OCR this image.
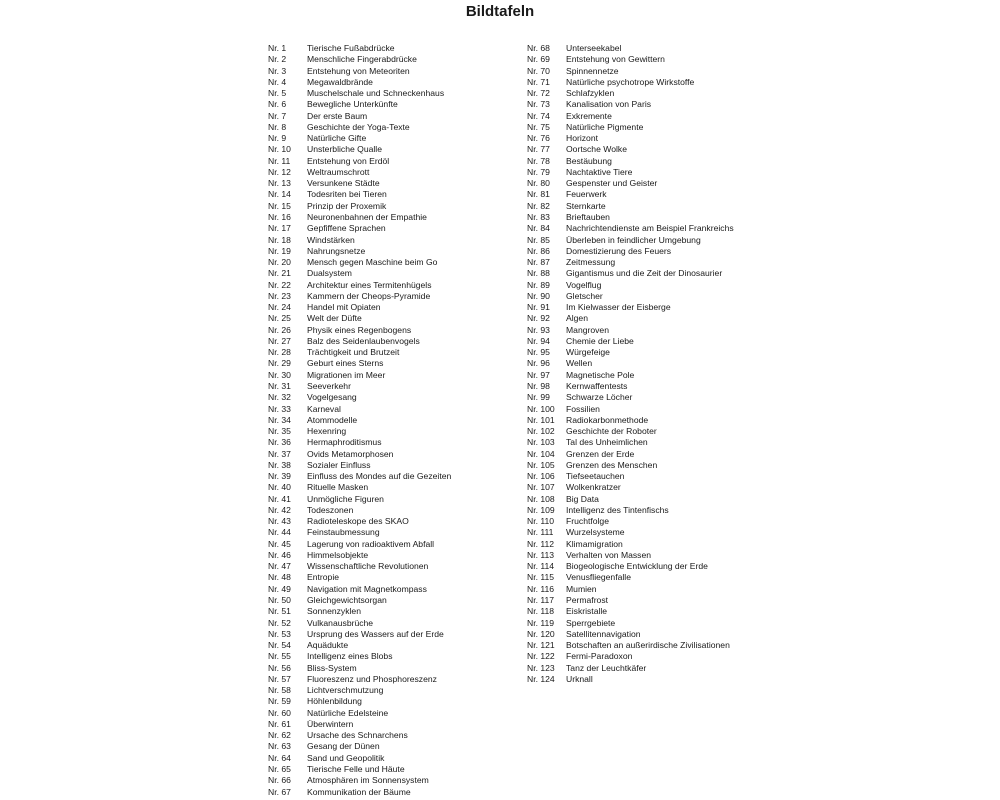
Bildtafeln
Nr. 1	Tierische Fußabdrücke
Nr. 2	Menschliche Fingerabdrücke
Nr. 3	Entstehung von Meteoriten
Nr. 4	Megawaldbrände
Nr. 5	Muschelschale und Schneckenhaus
Nr. 6	Bewegliche Unterkünfte
Nr. 7	Der erste Baum
Nr. 8	Geschichte der Yoga-Texte
Nr. 9	Natürliche Gifte
Nr. 10	Unsterbliche Qualle
Nr. 11	Entstehung von Erdöl
Nr. 12	Weltraumschrott
Nr. 13	Versunkene Städte
Nr. 14	Todesriten bei Tieren
Nr. 15	Prinzip der Proxemik
Nr. 16	Neuronenbahnen der Empathie
Nr. 17	Gepfiffene Sprachen
Nr. 18	Windstärken
Nr. 19	Nahrungsnetze
Nr. 20	Mensch gegen Maschine beim Go
Nr. 21	Dualsystem
Nr. 22	Architektur eines Termitenhügels
Nr. 23	Kammern der Cheops-Pyramide
Nr. 24	Handel mit Opiaten
Nr. 25	Welt der Düfte
Nr. 26	Physik eines Regenbogens
Nr. 27	Balz des Seidenlaubenvogels
Nr. 28	Trächtigkeit und Brutzeit
Nr. 29	Geburt eines Sterns
Nr. 30	Migrationen im Meer
Nr. 31	Seeverkehr
Nr. 32	Vogelgesang
Nr. 33	Karneval
Nr. 34	Atommodelle
Nr. 35	Hexenring
Nr. 36	Hermaphroditismus
Nr. 37	Ovids Metamorphosen
Nr. 38	Sozialer Einfluss
Nr. 39	Einfluss des Mondes auf die Gezeiten
Nr. 40	Rituelle Masken
Nr. 41	Unmögliche Figuren
Nr. 42	Todeszonen
Nr. 43	Radioteleskope des SKAO
Nr. 44	Feinstaubmessung
Nr. 45	Lagerung von radioaktivem Abfall
Nr. 46	Himmelsobjekte
Nr. 47	Wissenschaftliche Revolutionen
Nr. 48	Entropie
Nr. 49	Navigation mit Magnetkompass
Nr. 50	Gleichgewichtsorgan
Nr. 51	Sonnenzyklen
Nr. 52	Vulkanausbrüche
Nr. 53	Ursprung des Wassers auf der Erde
Nr. 54	Aquädukte
Nr. 55	Intelligenz eines Blobs
Nr. 56	Bliss-System
Nr. 57	Fluoreszenz und Phosphoreszenz
Nr. 58	Lichtverschmutzung
Nr. 59	Höhlenbildung
Nr. 60	Natürliche Edelsteine
Nr. 61	Überwintern
Nr. 62	Ursache des Schnarchens
Nr. 63	Gesang der Dünen
Nr. 64	Sand und Geopolitik
Nr. 65	Tierische Felle und Häute
Nr. 66	Atmosphären im Sonnensystem
Nr. 67	Kommunikation der Bäume
Nr. 68	Unterseekabel
Nr. 69	Entstehung von Gewittern
Nr. 70	Spinnennetze
Nr. 71	Natürliche psychotrope Wirkstoffe
Nr. 72	Schlafzyklen
Nr. 73	Kanalisation von Paris
Nr. 74	Exkremente
Nr. 75	Natürliche Pigmente
Nr. 76	Horizont
Nr. 77	Oortsche Wolke
Nr. 78	Bestäubung
Nr. 79	Nachtaktive Tiere
Nr. 80	Gespenster und Geister
Nr. 81	Feuerwerk
Nr. 82	Sternkarte
Nr. 83	Brieftauben
Nr. 84	Nachrichtendienste am Beispiel Frankreichs
Nr. 85	Überleben in feindlicher Umgebung
Nr. 86	Domestizierung des Feuers
Nr. 87	Zeitmessung
Nr. 88	Gigantismus und die Zeit der Dinosaurier
Nr. 89	Vogelflug
Nr. 90	Gletscher
Nr. 91	Im Kielwasser der Eisberge
Nr. 92	Algen
Nr. 93	Mangroven
Nr. 94	Chemie der Liebe
Nr. 95	Würgefeige
Nr. 96	Wellen
Nr. 97	Magnetische Pole
Nr. 98	Kernwaffentests
Nr. 99	Schwarze Löcher
Nr. 100	Fossilien
Nr. 101	Radiokarbonmethode
Nr. 102	Geschichte der Roboter
Nr. 103	Tal des Unheimlichen
Nr. 104	Grenzen der Erde
Nr. 105	Grenzen des Menschen
Nr. 106	Tiefseetauchen
Nr. 107	Wolkenkratzer
Nr. 108	Big Data
Nr. 109	Intelligenz des Tintenfischs
Nr. 110	Fruchtfolge
Nr. 111	Wurzelsysteme
Nr. 112	Klimamigration
Nr. 113	Verhalten von Massen
Nr. 114	Biogeologische Entwicklung der Erde
Nr. 115	Venusfliegenfalle
Nr. 116	Mumien
Nr. 117	Permafrost
Nr. 118	Eiskristalle
Nr. 119	Sperrgebiete
Nr. 120	Satellitennavigation
Nr. 121	Botschaften an außerirdische Zivilisationen
Nr. 122	Fermi-Paradoxon
Nr. 123	Tanz der Leuchtkäfer
Nr. 124	Urknall
